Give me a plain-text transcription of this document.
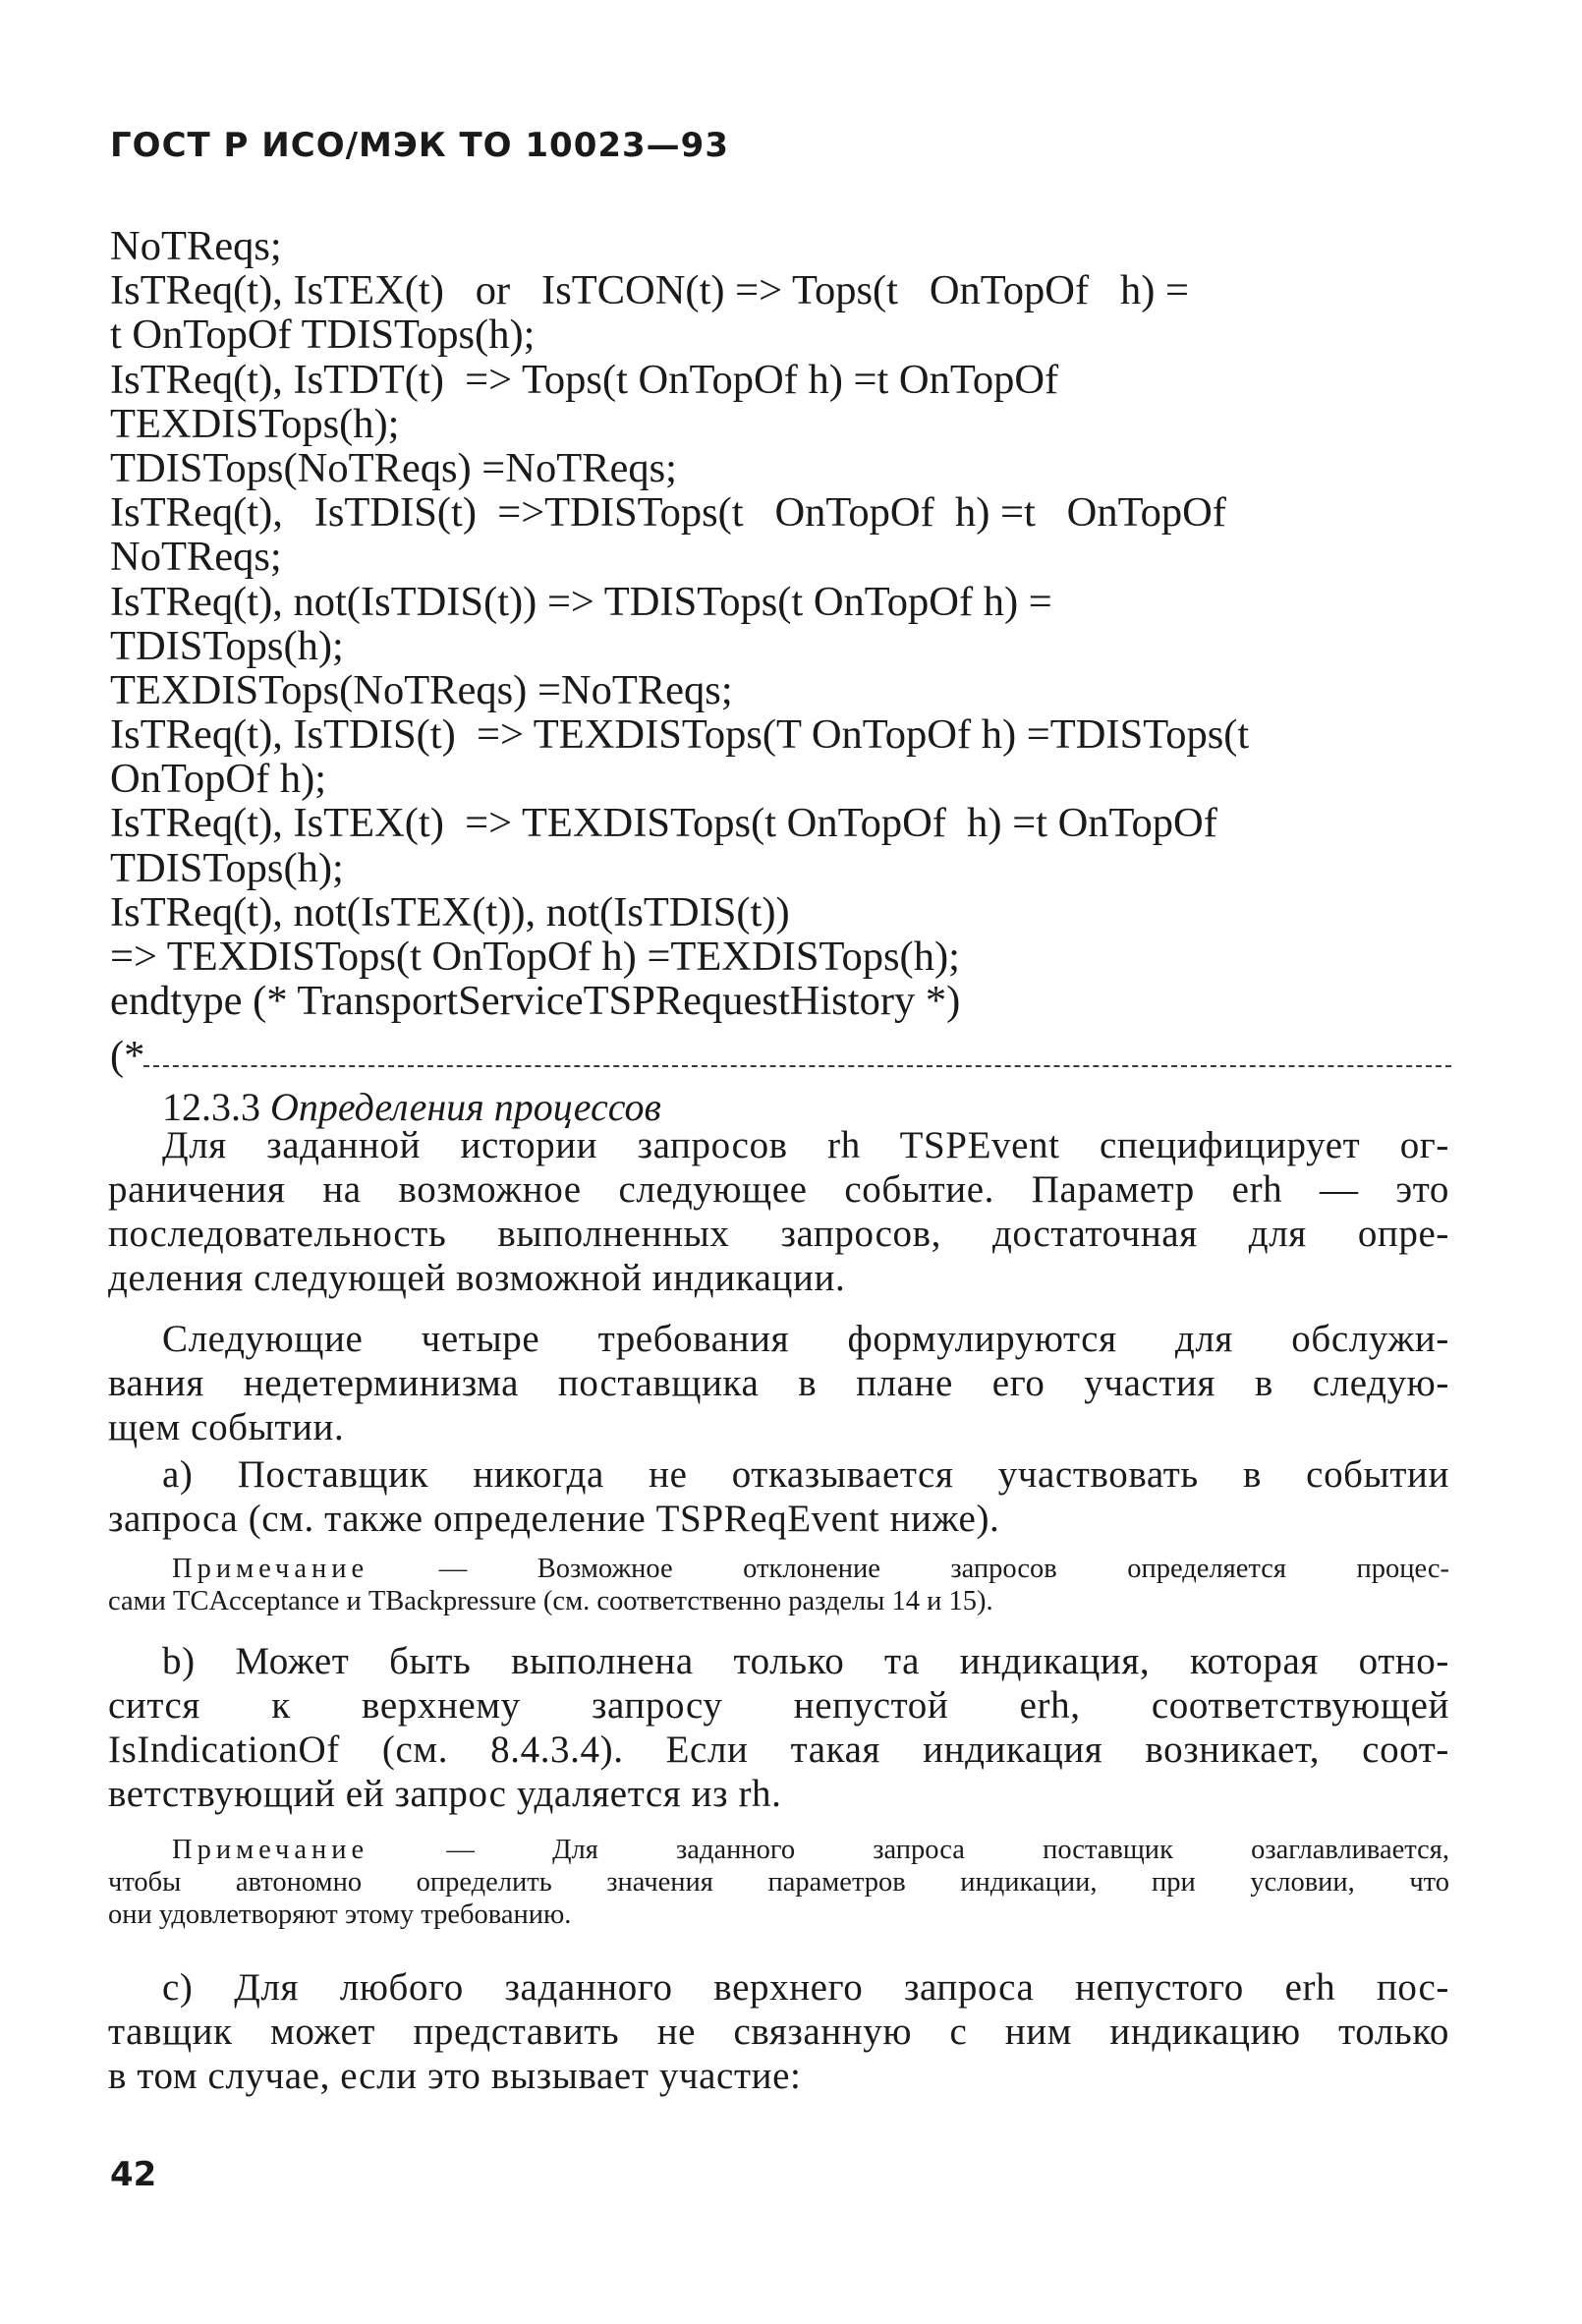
ГОСТ Р ИСО/МЭК ТО 10023—93
NoTReqs;
IsTReq(t), IsTEX(t)   or   IsTCON(t) => Tops(t   OnTopOf   h) =
t OnTopOf TDISTops(h);
IsTReq(t), IsTDT(t)  => Tops(t OnTopOf h) =t OnTopOf
TEXDISTops(h);
TDISTops(NoTReqs) =NoTReqs;
IsTReq(t),   IsTDIS(t)  =>TDISTops(t   OnTopOf  h) =t   OnTopOf
NoTReqs;
IsTReq(t), not(IsTDIS(t)) => TDISTops(t OnTopOf h) =
TDISTops(h);
TEXDISTops(NoTReqs) =NoTReqs;
IsTReq(t), IsTDIS(t)  => TEXDISTops(T OnTopOf h) =TDISTops(t
OnTopOf h);
IsTReq(t), IsTEX(t)  => TEXDISTops(t OnTopOf  h) =t OnTopOf
TDISTops(h);
IsTReq(t), not(IsTEX(t)), not(IsTDIS(t))
=> TEXDISTops(t OnTopOf h) =TEXDISTops(h);
endtype (* TransportServiceTSPRequestHistory *)
(*
12.3.3 Определения процессов
Для заданной истории запросов rh TSPEvent специфицирует ог-
раничения на возможное следующее событие. Параметр erh — это
последовательность выполненных запросов, достаточная для опре-
деления следующей возможной индикации.
Следующие четыре требования формулируются для обслужи-
вания недетерминизма поставщика в плане его участия в следую-
щем событии.
а) Поставщик никогда не отказывается участвовать в событии
запроса (см. также определение TSPReqEvent ниже).
Примечание — Возможное отклонение запросов определяется процес-
сами TCAcceptance и TBackpressure (см. соответственно разделы 14 и 15).
b) Может быть выполнена только та индикация, которая отно-
сится к верхнему запросу непустой erh, соответствующей
IsIndicationOf (см. 8.4.3.4). Если такая индикация возникает, соот-
ветствующий ей запрос удаляется из rh.
Примечание — Для заданного запроса поставщик озаглавливается,
чтобы автономно определить значения параметров индикации, при условии, что
они удовлетворяют этому требованию.
с) Для любого заданного верхнего запроса непустого erh пос-
тавщик может представить не связанную с ним индикацию только
в том случае, если это вызывает участие:
42
